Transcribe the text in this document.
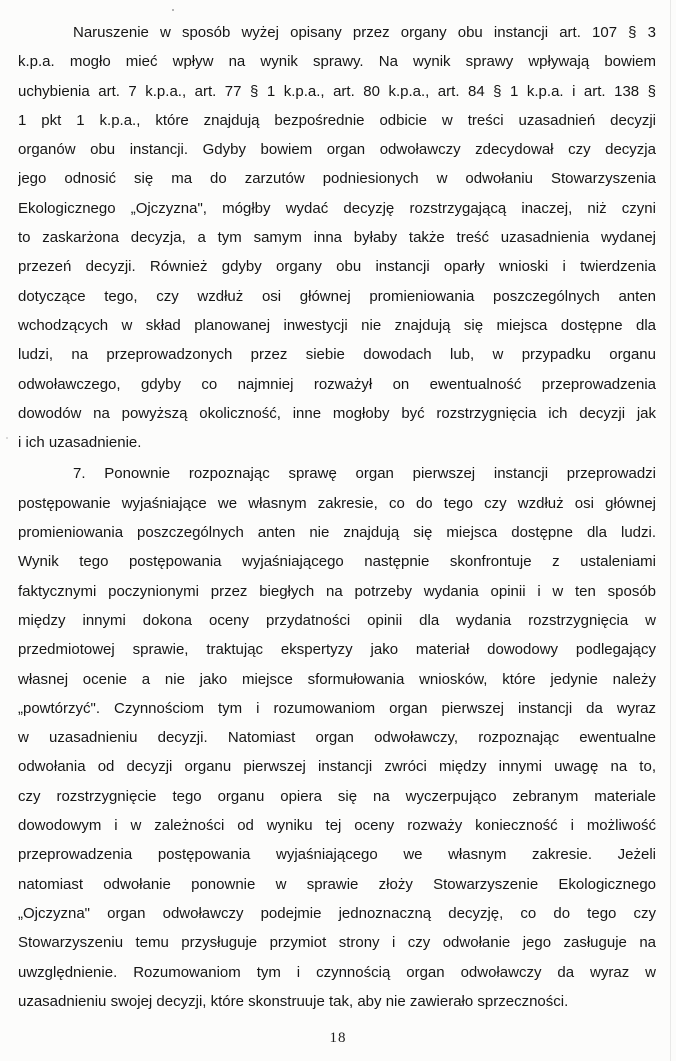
Naruszenie w sposób wyżej opisany przez organy obu instancji art. 107 § 3
k.p.a. mogło mieć wpływ na wynik sprawy. Na wynik sprawy wpływają bowiem
uchybienia art. 7 k.p.a., art. 77 § 1 k.p.a., art. 80 k.p.a., art. 84 § 1 k.p.a. i art. 138 §
1 pkt 1 k.p.a., które znajdują bezpośrednie odbicie w treści uzasadnień decyzji
organów obu instancji. Gdyby bowiem organ odwoławczy zdecydował czy decyzja
jego odnosić się ma do zarzutów podniesionych w odwołaniu Stowarzyszenia
Ekologicznego „Ojczyzna", mógłby wydać decyzję rozstrzygającą inaczej, niż czyni
to zaskarżona decyzja, a tym samym inna byłaby także treść uzasadnienia wydanej
przezeń decyzji. Również gdyby organy obu instancji oparły wnioski i twierdzenia
dotyczące tego, czy wzdłuż osi głównej promieniowania poszczególnych anten
wchodzących w skład planowanej inwestycji nie znajdują się miejsca dostępne dla
ludzi, na przeprowadzonych przez siebie dowodach lub, w przypadku organu
odwoławczego, gdyby co najmniej rozważył on ewentualność przeprowadzenia
dowodów na powyższą okoliczność, inne mogłoby być rozstrzygnięcia ich decyzji jak
i ich uzasadnienie.
7. Ponownie rozpoznając sprawę organ pierwszej instancji przeprowadzi
postępowanie wyjaśniające we własnym zakresie, co do tego czy wzdłuż osi głównej
promieniowania poszczególnych anten nie znajdują się miejsca dostępne dla ludzi.
Wynik tego postępowania wyjaśniającego następnie skonfrontuje z ustaleniami
faktycznymi poczynionymi przez biegłych na potrzeby wydania opinii i w ten sposób
między innymi dokona oceny przydatności opinii dla wydania rozstrzygnięcia w
przedmiotowej sprawie, traktując ekspertyzy jako materiał dowodowy podlegający
własnej ocenie a nie jako miejsce sformułowania wniosków, które jedynie należy
„powtórzyć". Czynnościom tym i rozumowaniom organ pierwszej instancji da wyraz
w uzasadnieniu decyzji. Natomiast organ odwoławczy, rozpoznając ewentualne
odwołania od decyzji organu pierwszej instancji zwróci między innymi uwagę na to,
czy rozstrzygnięcie tego organu opiera się na wyczerpująco zebranym materiale
dowodowym i w zależności od wyniku tej oceny rozważy konieczność i możliwość
przeprowadzenia postępowania wyjaśniającego we własnym zakresie. Jeżeli
natomiast odwołanie ponownie w sprawie złoży Stowarzyszenie Ekologicznego
„Ojczyzna" organ odwoławczy podejmie jednoznaczną decyzję, co do tego czy
Stowarzyszeniu temu przysługuje przymiot strony i czy odwołanie jego zasługuje na
uwzględnienie. Rozumowaniom tym i czynnością organ odwoławczy da wyraz w
uzasadnieniu swojej decyzji, które skonstruuje tak, aby nie zawierało sprzeczności.
18
